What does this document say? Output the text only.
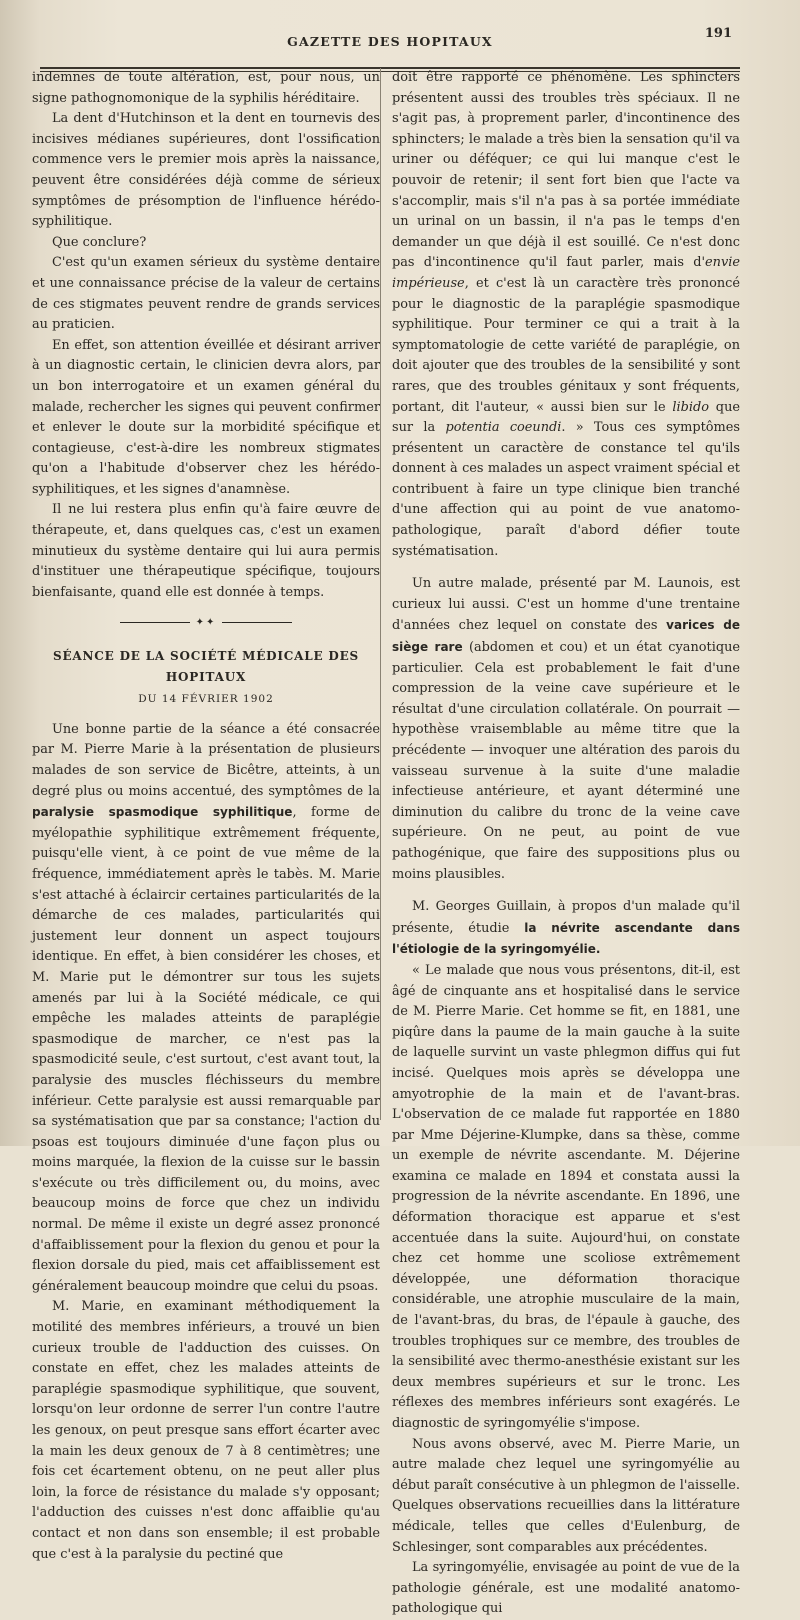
GAZETTE DES HOPITAUX
191

indemnes de toute altération, est, pour nous, un signe pathognomonique de la syphilis héréditaire.

La dent d'Hutchinson et la dent en tournevis des incisives médianes supérieures, dont l'ossification commence vers le premier mois après la naissance, peuvent être considérées déjà comme de sérieux symptômes de présomption de l'influence hérédo-syphilitique.

Que conclure?

C'est qu'un examen sérieux du système dentaire et une connaissance précise de la valeur de certains de ces stigmates peuvent rendre de grands services au praticien.

En effet, son attention éveillée et désirant arriver à un diagnostic certain, le clinicien devra alors, par un bon interrogatoire et un examen général du malade, rechercher les signes qui peuvent confirmer et enlever le doute sur la morbidité spécifique et contagieuse, c'est-à-dire les nombreux stigmates qu'on a l'habitude d'observer chez les hérédo-syphilitiques, et les signes d'anamnèse.

Il ne lui restera plus enfin qu'à faire œuvre de thérapeute, et, dans quelques cas, c'est un examen minutieux du système dentaire qui lui aura permis d'instituer une thérapeutique spécifique, toujours bienfaisante, quand elle est donnée à temps.

✦✦
SÉANCE DE LA SOCIÉTÉ MÉDICALE DES HOPITAUX
DU 14 FÉVRIER 1902

Une bonne partie de la séance a été consacrée par M. Pierre Marie à la présentation de plusieurs malades de son service de Bicêtre, atteints, à un degré plus ou moins accentué, des symptômes de la paralysie spasmodique syphilitique, forme de myélopathie syphilitique extrêmement fréquente, puisqu'elle vient, à ce point de vue même de la fréquence, immédiatement après le tabès. M. Marie s'est attaché à éclaircir certaines particularités de la démarche de ces malades, particularités qui justement leur donnent un aspect toujours identique. En effet, à bien considérer les choses, et M. Marie put le démontrer sur tous les sujets amenés par lui à la Société médicale, ce qui empêche les malades atteints de paraplégie spasmodique de marcher, ce n'est pas la spasmodicité seule, c'est surtout, c'est avant tout, la paralysie des muscles fléchisseurs du membre inférieur. Cette paralysie est aussi remarquable par sa systématisation que par sa constance; l'action du psoas est toujours diminuée d'une façon plus ou moins marquée, la flexion de la cuisse sur le bassin s'exécute ou très difficilement ou, du moins, avec beaucoup moins de force que chez un individu normal. De même il existe un degré assez prononcé d'affaiblissement pour la flexion du genou et pour la flexion dorsale du pied, mais cet affaiblissement est généralement beaucoup moindre que celui du psoas.

M. Marie, en examinant méthodiquement la motilité des membres inférieurs, a trouvé un bien curieux trouble de l'adduction des cuisses. On constate en effet, chez les malades atteints de paraplégie spasmodique syphilitique, que souvent, lorsqu'on leur ordonne de serrer l'un contre l'autre les genoux, on peut presque sans effort écarter avec la main les deux genoux de 7 à 8 centimètres; une fois cet écartement obtenu, on ne peut aller plus loin, la force de résistance du malade s'y opposant; l'adduction des cuisses n'est donc affaiblie qu'au contact et non dans son ensemble; il est probable que c'est à la paralysie du pectiné que

doit être rapporté ce phénomène. Les sphincters présentent aussi des troubles très spéciaux. Il ne s'agit pas, à proprement parler, d'incontinence des sphincters; le malade a très bien la sensation qu'il va uriner ou déféquer; ce qui lui manque c'est le pouvoir de retenir; il sent fort bien que l'acte va s'accomplir, mais s'il n'a pas à sa portée immédiate un urinal on un bassin, il n'a pas le temps d'en demander un que déjà il est souillé. Ce n'est donc pas d'incontinence qu'il faut parler, mais d'envie impérieuse, et c'est là un caractère très prononcé pour le diagnostic de la paraplégie spasmodique syphilitique. Pour terminer ce qui a trait à la symptomatologie de cette variété de paraplégie, on doit ajouter que des troubles de la sensibilité y sont rares, que des troubles génitaux y sont fréquents, portant, dit l'auteur, « aussi bien sur le libido que sur la potentia coeundi. » Tous ces symptômes présentent un caractère de constance tel qu'ils donnent à ces malades un aspect vraiment spécial et contribuent à faire un type clinique bien tranché d'une affection qui au point de vue anatomo-pathologique, paraît d'abord défier toute systématisation.

Un autre malade, présenté par M. Launois, est curieux lui aussi. C'est un homme d'une trentaine d'années chez lequel on constate des varices de siège rare (abdomen et cou) et un état cyanotique particulier. Cela est probablement le fait d'une compression de la veine cave supérieure et le résultat d'une circulation collatérale. On pourrait — hypothèse vraisemblable au même titre que la précédente — invoquer une altération des parois du vaisseau survenue à la suite d'une maladie infectieuse antérieure, et ayant déterminé une diminution du calibre du tronc de la veine cave supérieure. On ne peut, au point de vue pathogénique, que faire des suppositions plus ou moins plausibles.

M. Georges Guillain, à propos d'un malade qu'il présente, étudie la névrite ascendante dans l'étiologie de la syringomyélie.

« Le malade que nous vous présentons, dit-il, est âgé de cinquante ans et hospitalisé dans le service de M. Pierre Marie. Cet homme se fit, en 1881, une piqûre dans la paume de la main gauche à la suite de laquelle survint un vaste phlegmon diffus qui fut incisé. Quelques mois après se développa une amyotrophie de la main et de l'avant-bras. L'observation de ce malade fut rapportée en 1880 par Mme Déjerine-Klumpke, dans sa thèse, comme un exemple de névrite ascendante. M. Déjerine examina ce malade en 1894 et constata aussi la progression de la névrite ascendante. En 1896, une déformation thoracique est apparue et s'est accentuée dans la suite. Aujourd'hui, on constate chez cet homme une scoliose extrêmement développée, une déformation thoracique considérable, une atrophie musculaire de la main, de l'avant-bras, du bras, de l'épaule à gauche, des troubles trophiques sur ce membre, des troubles de la sensibilité avec thermo-anesthésie existant sur les deux membres supérieurs et sur le tronc. Les réflexes des membres inférieurs sont exagérés. Le diagnostic de syringomyélie s'impose.

Nous avons observé, avec M. Pierre Marie, un autre malade chez lequel une syringomyélie au début paraît consécutive à un phlegmon de l'aisselle. Quelques observations recueillies dans la littérature médicale, telles que celles d'Eulenburg, de Schlesinger, sont comparables aux précédentes.

La syringomyélie, envisagée au point de vue de la pathologie générale, est une modalité anatomo-pathologique qui
